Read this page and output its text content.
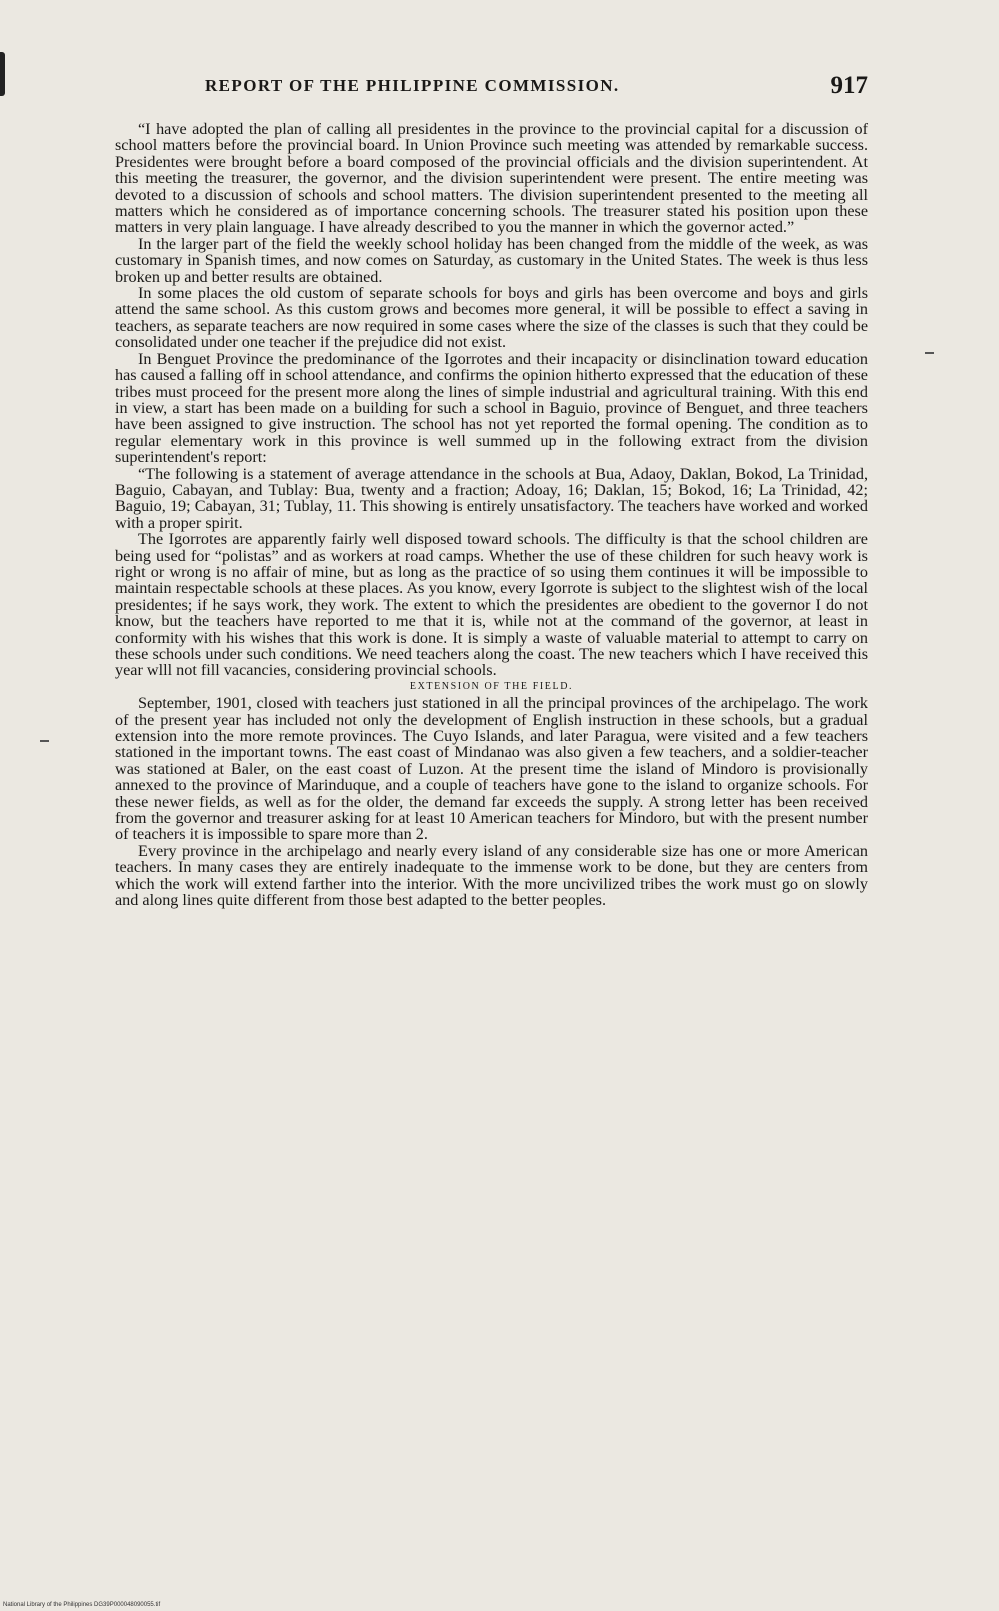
REPORT OF THE PHILIPPINE COMMISSION.	917

“I have adopted the plan of calling all presidentes in the province to the provincial capital for a discussion of school matters before the provincial board. In Union Province such meeting was attended by remarkable success. Presidentes were brought before a board composed of the provincial officials and the division superintendent. At this meeting the treasurer, the governor, and the division superintendent were present. The entire meeting was devoted to a discussion of schools and school matters. The division superintendent presented to the meeting all matters which he considered as of importance concerning schools. The treasurer stated his position upon these matters in very plain language. I have already described to you the manner in which the governor acted.”

In the larger part of the field the weekly school holiday has been changed from the middle of the week, as was customary in Spanish times, and now comes on Saturday, as customary in the United States. The week is thus less broken up and better results are obtained.

In some places the old custom of separate schools for boys and girls has been overcome and boys and girls attend the same school. As this custom grows and becomes more general, it will be possible to effect a saving in teachers, as separate teachers are now required in some cases where the size of the classes is such that they could be consolidated under one teacher if the prejudice did not exist.

In Benguet Province the predominance of the Igorrotes and their incapacity or disinclination toward education has caused a falling off in school attendance, and confirms the opinion hitherto expressed that the education of these tribes must proceed for the present more along the lines of simple industrial and agricultural training. With this end in view, a start has been made on a building for such a school in Baguio, province of Benguet, and three teachers have been assigned to give instruction. The school has not yet reported the formal opening. The condition as to regular elementary work in this province is well summed up in the following extract from the division superintendent's report:

“The following is a statement of average attendance in the schools at Bua, Adaoy, Daklan, Bokod, La Trinidad, Baguio, Cabayan, and Tublay: Bua, twenty and a fraction; Adoay, 16; Daklan, 15; Bokod, 16; La Trinidad, 42; Baguio, 19; Cabayan, 31; Tublay, 11. This showing is entirely unsatisfactory. The teachers have worked and worked with a proper spirit.

The Igorrotes are apparently fairly well disposed toward schools. The difficulty is that the school children are being used for “polistas” and as workers at road camps. Whether the use of these children for such heavy work is right or wrong is no affair of mine, but as long as the practice of so using them continues it will be impossible to maintain respectable schools at these places. As you know, every Igorrote is subject to the slightest wish of the local presidentes; if he says work, they work. The extent to which the presidentes are obedient to the governor I do not know, but the teachers have reported to me that it is, while not at the command of the governor, at least in conformity with his wishes that this work is done. It is simply a waste of valuable material to attempt to carry on these schools under such conditions. We need teachers along the coast. The new teachers which I have received this year wlll not fill vacancies, considering provincial schools.

EXTENSION OF THE FIELD.

September, 1901, closed with teachers just stationed in all the principal provinces of the archipelago. The work of the present year has included not only the development of English instruction in these schools, but a gradual extension into the more remote provinces. The Cuyo Islands, and later Paragua, were visited and a few teachers stationed in the important towns. The east coast of Mindanao was also given a few teachers, and a soldier-teacher was stationed at Baler, on the east coast of Luzon. At the present time the island of Mindoro is provisionally annexed to the province of Marinduque, and a couple of teachers have gone to the island to organize schools. For these newer fields, as well as for the older, the demand far exceeds the supply. A strong letter has been received from the governor and treasurer asking for at least 10 American teachers for Mindoro, but with the present number of teachers it is impossible to spare more than 2.

Every province in the archipelago and nearly every island of any considerable size has one or more American teachers. In many cases they are entirely inadequate to the immense work to be done, but they are centers from which the work will extend farther into the interior. With the more uncivilized tribes the work must go on slowly and along lines quite different from those best adapted to the better peoples.

National Library of the Philippines DG39P000048090055.tif
